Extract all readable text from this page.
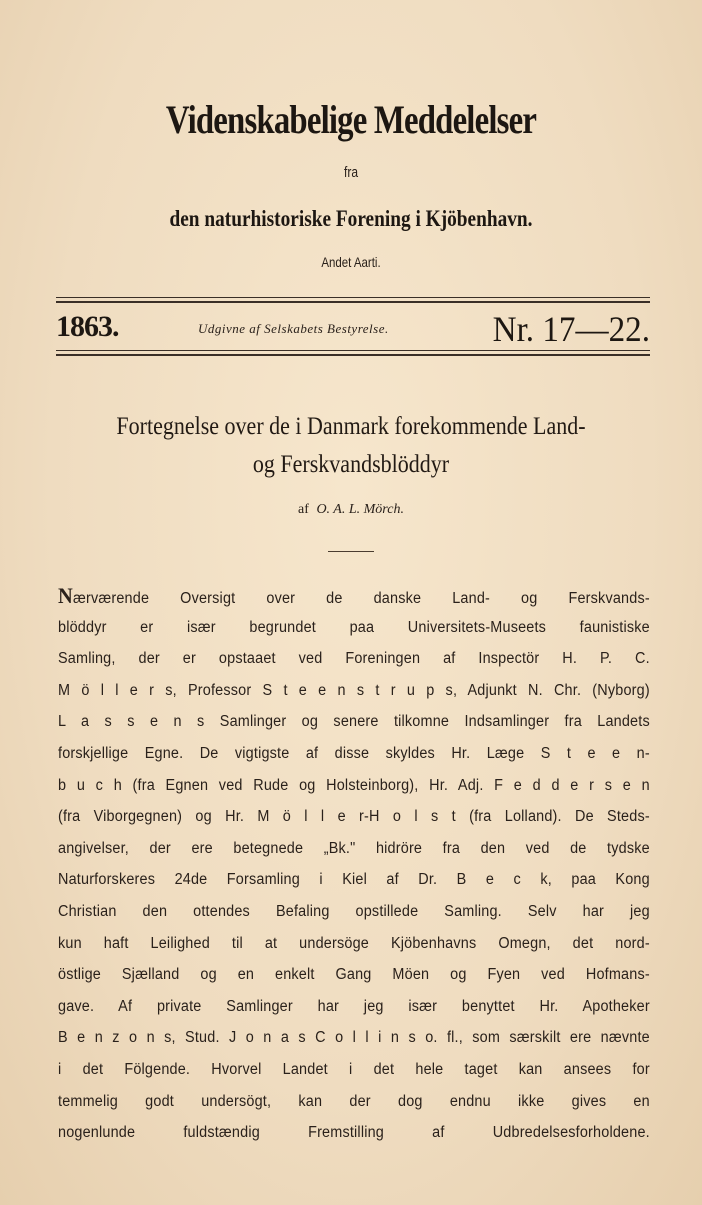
Videnskabelige Meddelelser
fra
den naturhistoriske Forening i Kjöbenhavn.
Andet Aarti.
1863.	Udgivne af Selskabets Bestyrelse.	Nr. 17—22.
Fortegnelse over de i Danmark forekommende Land-
og Ferskvandsblöddyr
af O. A. L. Mörch.
Nærværende Oversigt over de danske Land- og Ferskvands-
blöddyr er især begrundet paa Universitets-Museets faunistiske
Samling, der er opstaaet ved Foreningen af Inspectör H. P. C.
M ö l l e r s, Professor S t e e n s t r u p s, Adjunkt N. Chr. (Nyborg)
L a s s e n s Samlinger og senere tilkomne Indsamlinger fra Landets
forskjellige Egne. De vigtigste af disse skyldes Hr. Læge S t e e n-
b u c h (fra Egnen ved Rude og Holsteinborg), Hr. Adj. F e d d e r s e n
(fra Viborgegnen) og Hr. M ö l l e r-H o l s t (fra Lolland). De Steds-
angivelser, der ere betegnede „Bk." hidröre fra den ved de tydske
Naturforskeres 24de Forsamling i Kiel af Dr. B e c k, paa Kong
Christian den ottendes Befaling opstillede Samling. Selv har jeg
kun haft Leilighed til at undersöge Kjöbenhavns Omegn, det nord-
östlige Sjælland og en enkelt Gang Möen og Fyen ved Hofmans-
gave. Af private Samlinger har jeg især benyttet Hr. Apotheker
B e n z o n s, Stud. J o n a s C o l l i n s o. fl., som særskilt ere nævnte
i det Fölgende. Hvorvel Landet i det hele taget kan ansees for
temmelig godt undersögt, kan der dog endnu ikke gives en
nogenlunde fuldstændig Fremstilling af Udbredelsesforholdene.
